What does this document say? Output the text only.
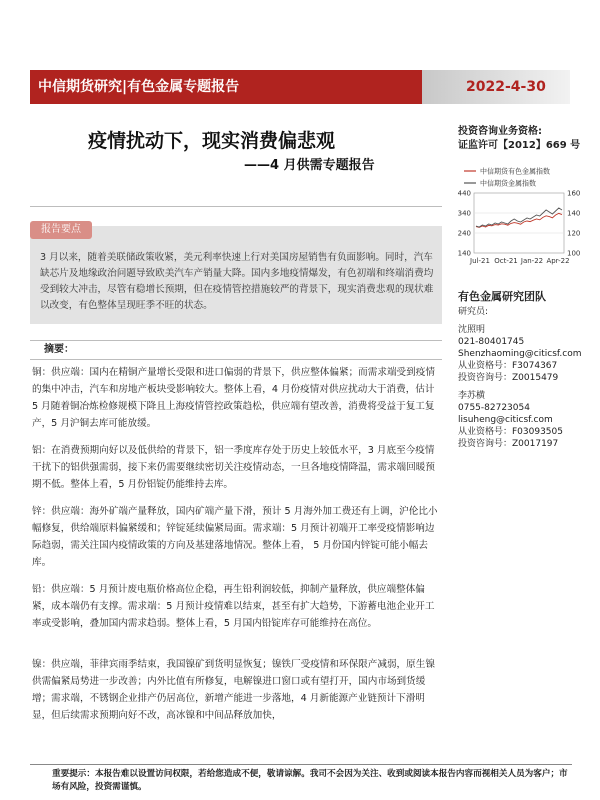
中信期货研究|有色金属专题报告	2022-4-30
疫情扰动下，现实消费偏悲观
——4 月供需专题报告
投资咨询业务资格:
证监许可【2012】669 号
中信期货有色金属指数
中信期货金属指数
440
340
240
140
160
140
120
100
Jul-21 Oct-21 Jan-22 Apr-22
有色金属研究团队
研究员:
沈照明
021-80401745
Shenzhaoming@citicsf.com
从业资格号：F3074367
投资咨询号：Z0015479
李苏横
0755-82723054
lisuheng@citicsf.com
从业资格号：F03093505
投资咨询号：Z0017197
报告要点
3 月以来，随着美联储政策收紧，美元利率快速上行对美国房屋销售有负面影响。同时，汽车缺芯片及地缘政治问题导致欧美汽车产销量大降。国内多地疫情爆发，有色初端和终端消费均受到较大冲击，尽管有稳增长预期，但在疫情管控措施较严的背景下，现实消费悲观的现状难以改变，有色整体呈现旺季不旺的状态。
摘要：
铜：供应端：国内在精铜产量增长受限和进口偏弱的背景下，供应整体偏紧；而需求端受到疫情的集中冲击，汽车和房地产板块受影响较大。整体上看，4 月份疫情对供应扰动大于消费，估计 5 月随着铜冶炼检修规模下降且上海疫情管控政策趋松，供应端有望改善，消费将受益于复工复产，5 月沪铜去库可能放缓。
铝：在消费预期向好以及低供给的背景下，铝一季度库存处于历史上较低水平，3 月底至今疫情干扰下的铝供强需弱，接下来仍需要继续密切关注疫情动态，一旦各地疫情降温，需求端回暖预期不低。整体上看，5 月份铝锭仍能维持去库。
锌：供应端：海外矿端产量释放，国内矿端产量下滑，预计 5 月海外加工费还有上调，沪伦比小幅修复，供给端原料偏紧缓和；锌锭延续偏紧局面。需求端：5 月预计初端开工率受疫情影响边际趋弱，需关注国内疫情政策的方向及基建落地情况。整体上看， 5 月份国内锌锭可能小幅去库。
铅：供应端：5 月预计废电瓶价格高位企稳，再生铅利润较低，抑制产量释放，供应端整体偏紧，成本端仍有支撑。需求端：5 月预计疫情难以结束，甚至有扩大趋势，下游蓄电池企业开工率或受影响，叠加国内需求趋弱。整体上看，5 月国内铅锭库存可能维持在高位。
镍：供应端，菲律宾雨季结束，我国镍矿到货明显恢复；镍铁厂受疫情和环保限产减弱，原生镍供需偏紧局势进一步改善；内外比值有所修复，电解镍进口窗口或有望打开，国内市场到货缓增；需求端，不锈钢企业排产仍居高位，新增产能进一步落地，4 月新能源产业链预计下滑明显，但后续需求预期向好不改，高冰镍和中间品释放加快，
重要提示：本报告难以设置访问权限，若给您造成不便，敬请谅解。我司不会因为关注、收到或阅读本报告内容而视相关人员为客户；市场有风险，投资需谨慎。
